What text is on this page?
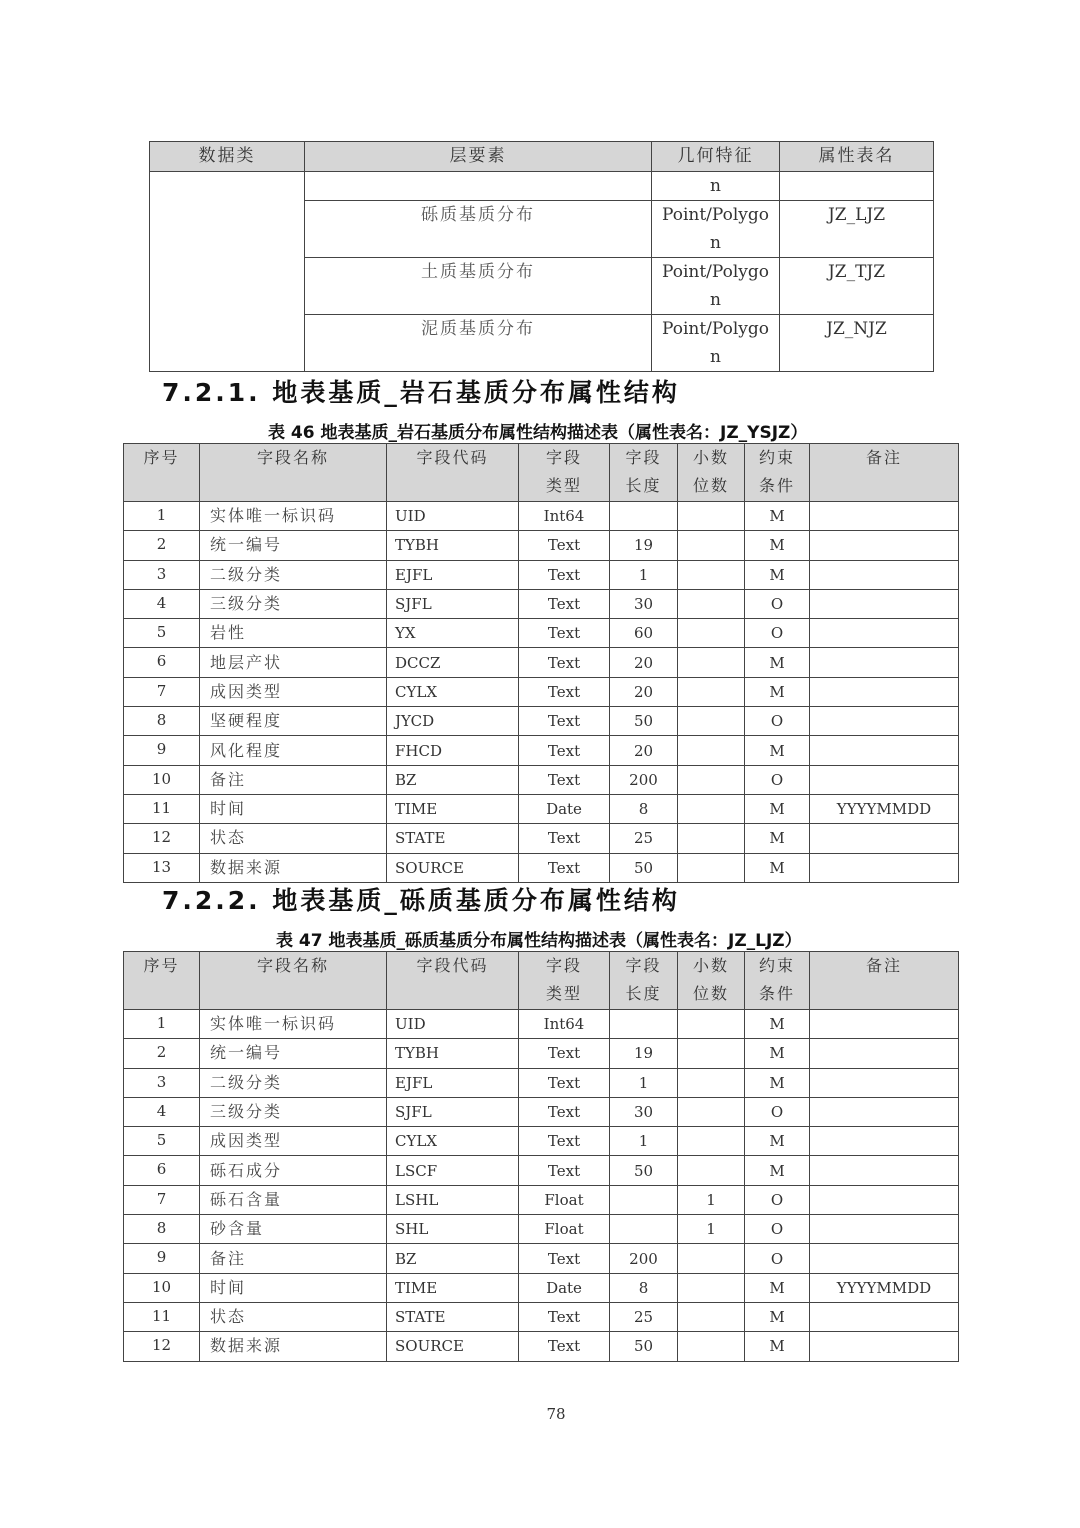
数据类	层要素	几何特征	属性表名
		n	
	砾质基质分布	Point/Polygon	JZ_LJZ
	土质基质分布	Point/Polygon	JZ_TJZ
	泥质基质分布	Point/Polygon	JZ_NJZ
7.2.1. 地表基质_岩石基质分布属性结构

表 46 地表基质_岩石基质分布属性结构描述表（属性表名：JZ_YSJZ）

序号	字段名称	字段代码	字段类型	字段长度	小数位数	约束条件	备注
1	实体唯一标识码	UID	Int64			M	
2	统一编号	TYBH	Text	19		M	
3	二级分类	EJFL	Text	1		M	
4	三级分类	SJFL	Text	30		O	
5	岩性	YX	Text	60		O	
6	地层产状	DCCZ	Text	20		M	
7	成因类型	CYLX	Text	20		M	
8	坚硬程度	JYCD	Text	50		O	
9	风化程度	FHCD	Text	20		M	
10	备注	BZ	Text	200		O	
11	时间	TIME	Date	8		M	YYYYMMDD
12	状态	STATE	Text	25		M	
13	数据来源	SOURCE	Text	50		M	
7.2.2. 地表基质_砾质基质分布属性结构

表 47 地表基质_砾质基质分布属性结构描述表（属性表名：JZ_LJZ）

序号	字段名称	字段代码	字段类型	字段长度	小数位数	约束条件	备注
1	实体唯一标识码	UID	Int64			M	
2	统一编号	TYBH	Text	19		M	
3	二级分类	EJFL	Text	1		M	
4	三级分类	SJFL	Text	30		O	
5	成因类型	CYLX	Text	1		M	
6	砾石成分	LSCF	Text	50		M	
7	砾石含量	LSHL	Float		1	O	
8	砂含量	SHL	Float		1	O	
9	备注	BZ	Text	200		O	
10	时间	TIME	Date	8		M	YYYYMMDD
11	状态	STATE	Text	25		M	
12	数据来源	SOURCE	Text	50		M	

78
